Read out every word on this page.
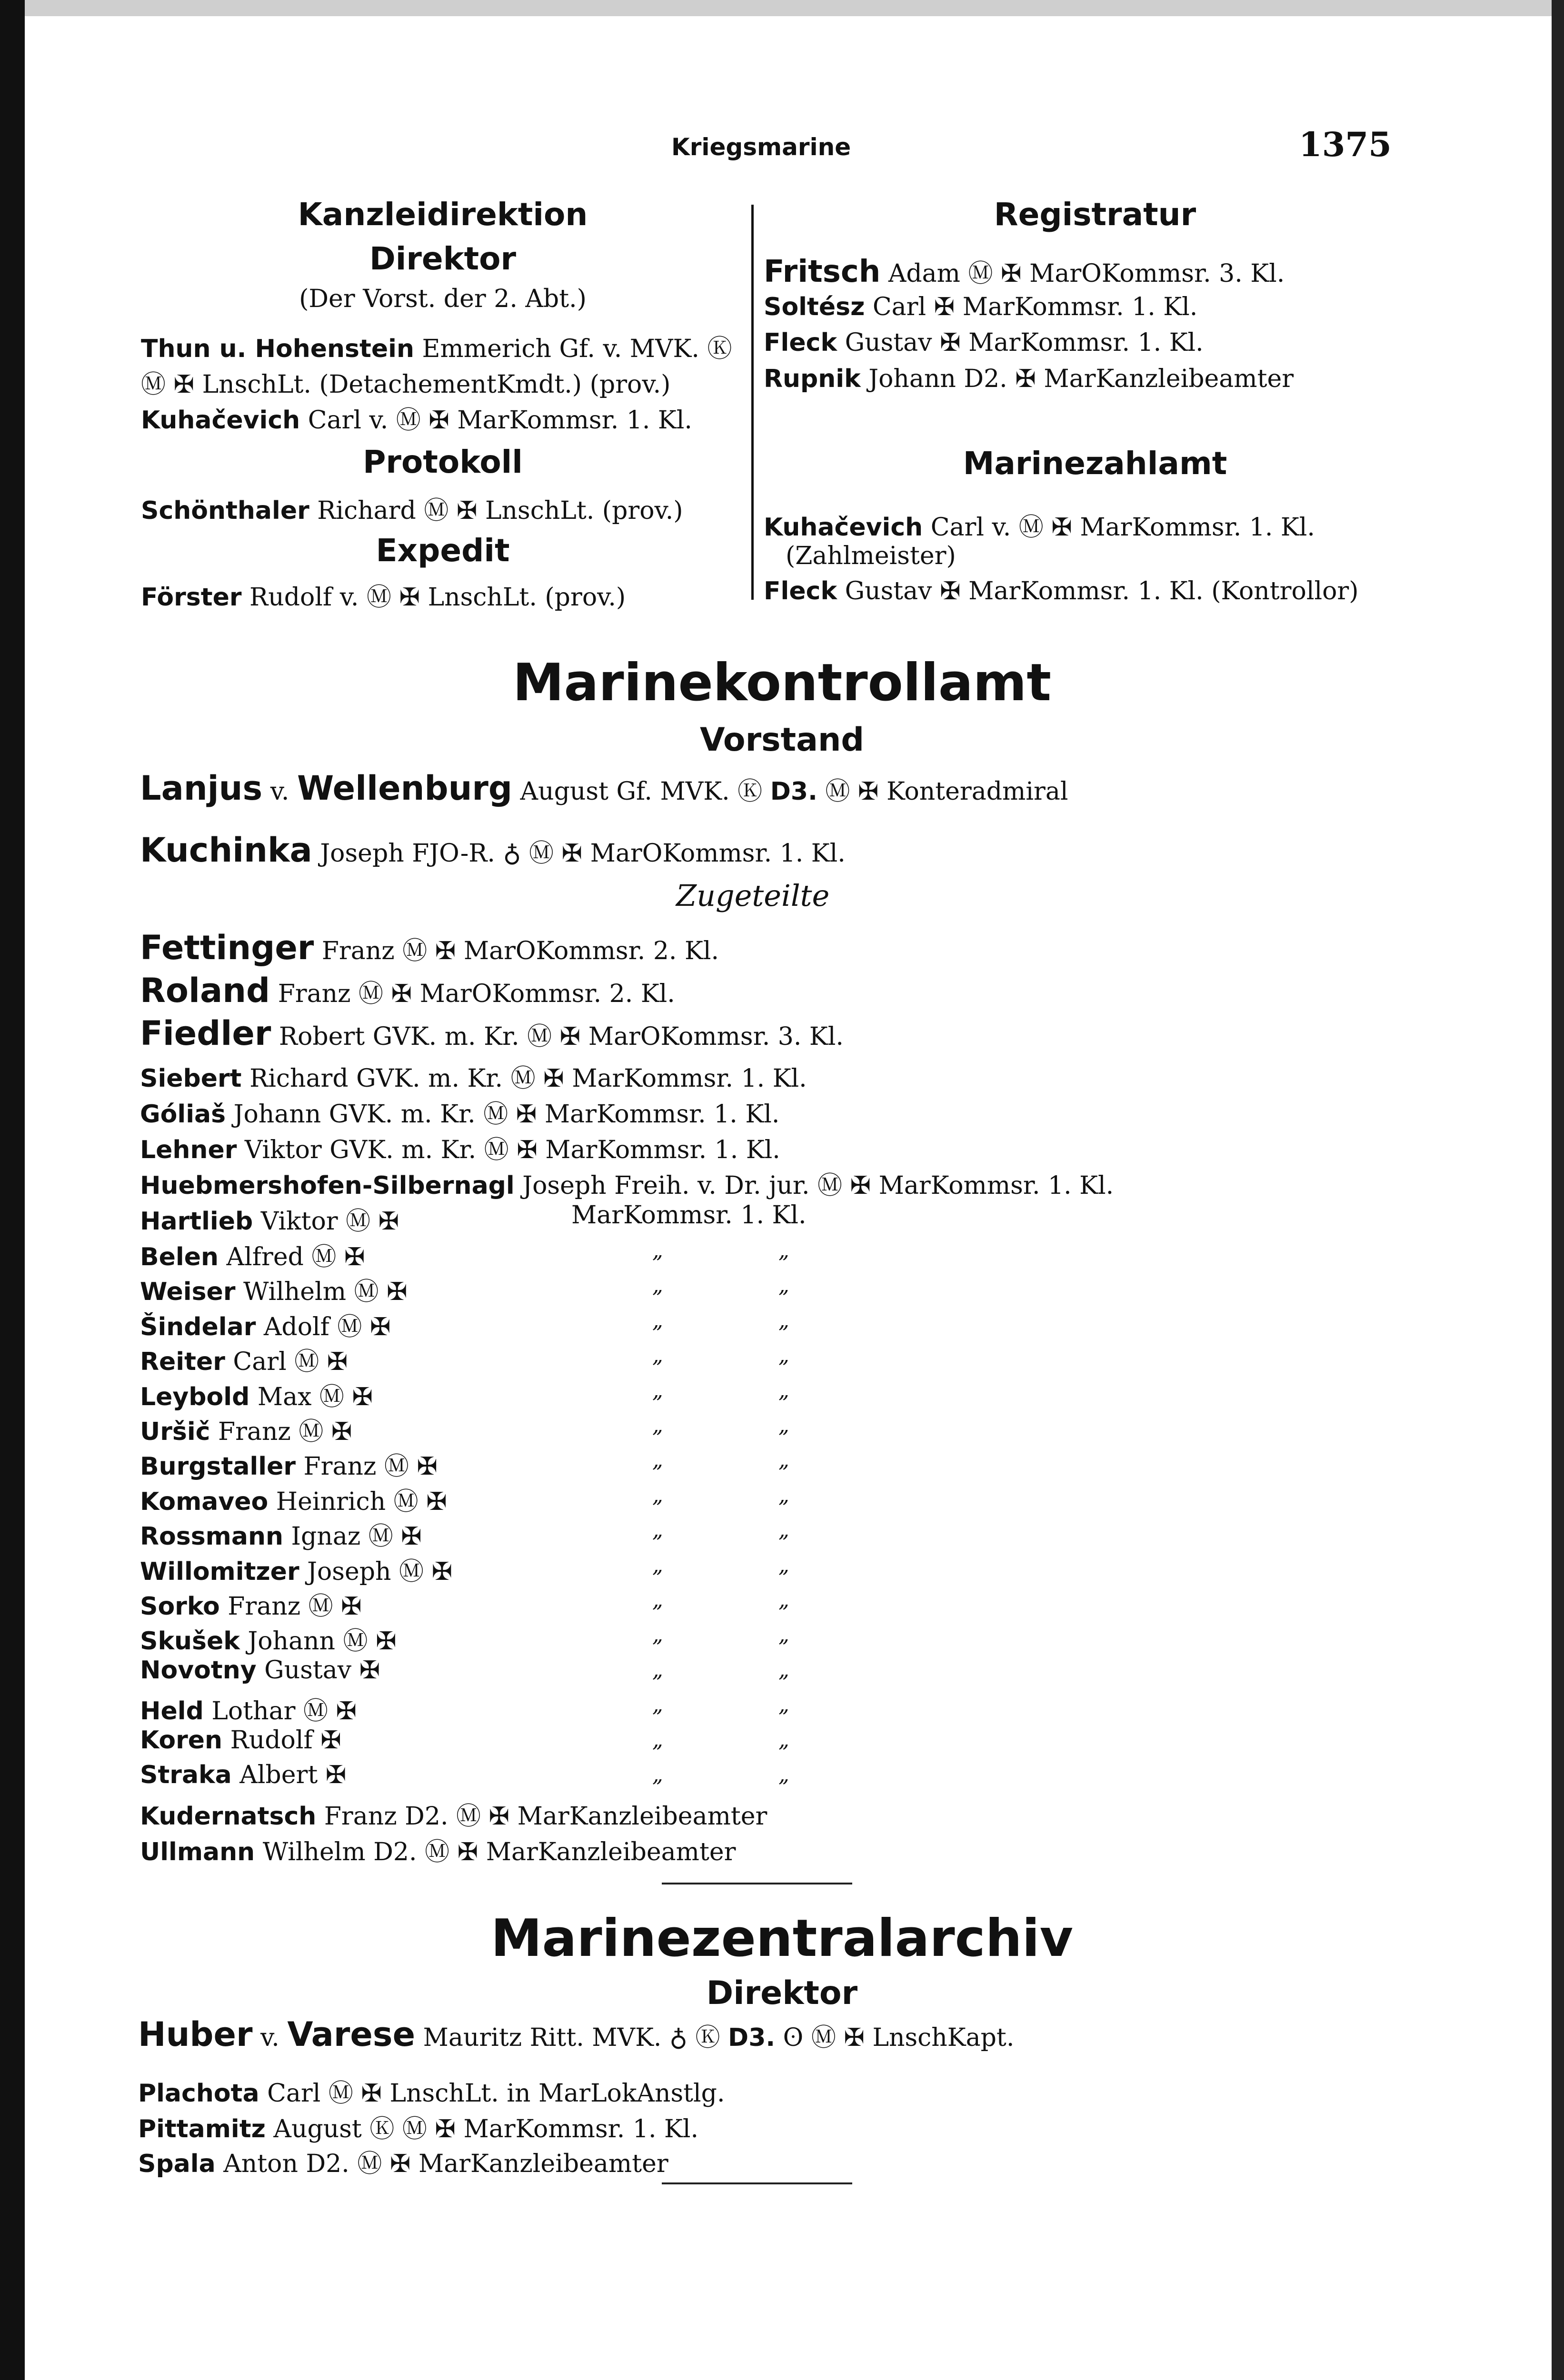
Kriegsmarine	1375
Kanzleidirektion
Direktor
(Der Vorst. der 2. Abt.)
Thun u. Hohenstein Emmerich Gf. v. MVK. Ⓚ
Ⓜ ✠ LnschLt. (DetachementKmdt.) (prov.)
Kuhačevich Carl v. Ⓜ ✠ MarKommsr. 1. Kl.
Protokoll
Schönthaler Richard Ⓜ ✠ LnschLt. (prov.)
Expedit
Förster Rudolf v. Ⓜ ✠ LnschLt. (prov.)
Registratur
Fritsch Adam Ⓜ ✠ MarOKommsr. 3. Kl.
Soltész Carl ✠ MarKommsr. 1. Kl.
Fleck Gustav ✠ MarKommsr. 1. Kl.
Rupnik Johann D2. ✠ MarKanzleibeamter
Marinezahlamt
Kuhačevich Carl v. Ⓜ ✠ MarKommsr. 1. Kl.
(Zahlmeister)
Fleck Gustav ✠ MarKommsr. 1. Kl. (Kontrollor)
Marinekontrollamt
Vorstand
Lanjus v. Wellenburg August Gf. MVK. Ⓚ D3. Ⓜ ✠ Konteradmiral
Kuchinka Joseph FJO-R. ♁ Ⓜ ✠ MarOKommsr. 1. Kl.
Zugeteilte
Fettinger Franz Ⓜ ✠ MarOKommsr. 2. Kl.
Roland Franz Ⓜ ✠ MarOKommsr. 2. Kl.
Fiedler Robert GVK. m. Kr. Ⓜ ✠ MarOKommsr. 3. Kl.
Siebert Richard GVK. m. Kr. Ⓜ ✠ MarKommsr. 1. Kl.
Góliaš Johann GVK. m. Kr. Ⓜ ✠ MarKommsr. 1. Kl.
Lehner Viktor GVK. m. Kr. Ⓜ ✠ MarKommsr. 1. Kl.
Huebmershofen-Silbernagl Joseph Freih. v. Dr. jur. Ⓜ ✠ MarKommsr. 1. Kl.
Hartlieb Viktor Ⓜ ✠	MarKommsr. 1. Kl.
Belen Alfred Ⓜ ✠	„	„
Weiser Wilhelm Ⓜ ✠	„	„
Šindelar Adolf Ⓜ ✠	„	„
Reiter Carl Ⓜ ✠	„	„
Leybold Max Ⓜ ✠	„	„
Uršič Franz Ⓜ ✠	„	„
Burgstaller Franz Ⓜ ✠	„	„
Komaveo Heinrich Ⓜ ✠	„	„
Rossmann Ignaz Ⓜ ✠	„	„
Willomitzer Joseph Ⓜ ✠	„	„
Sorko Franz Ⓜ ✠	„	„
Skušek Johann Ⓜ ✠	„	„
Novotny Gustav ✠	„	„
Held Lothar Ⓜ ✠	„	„
Koren Rudolf ✠	„	„
Straka Albert ✠	„	„
Kudernatsch Franz D2. Ⓜ ✠ MarKanzleibeamter
Ullmann Wilhelm D2. Ⓜ ✠ MarKanzleibeamter
Marinezentralarchiv
Direktor
Huber v. Varese Mauritz Ritt. MVK. ♁ Ⓚ D3. ʘ Ⓜ ✠ LnschKapt.
Plachota Carl Ⓜ ✠ LnschLt. in MarLokAnstlg.
Pittamitz August Ⓚ Ⓜ ✠ MarKommsr. 1. Kl.
Spala Anton D2. Ⓜ ✠ MarKanzleibeamter
